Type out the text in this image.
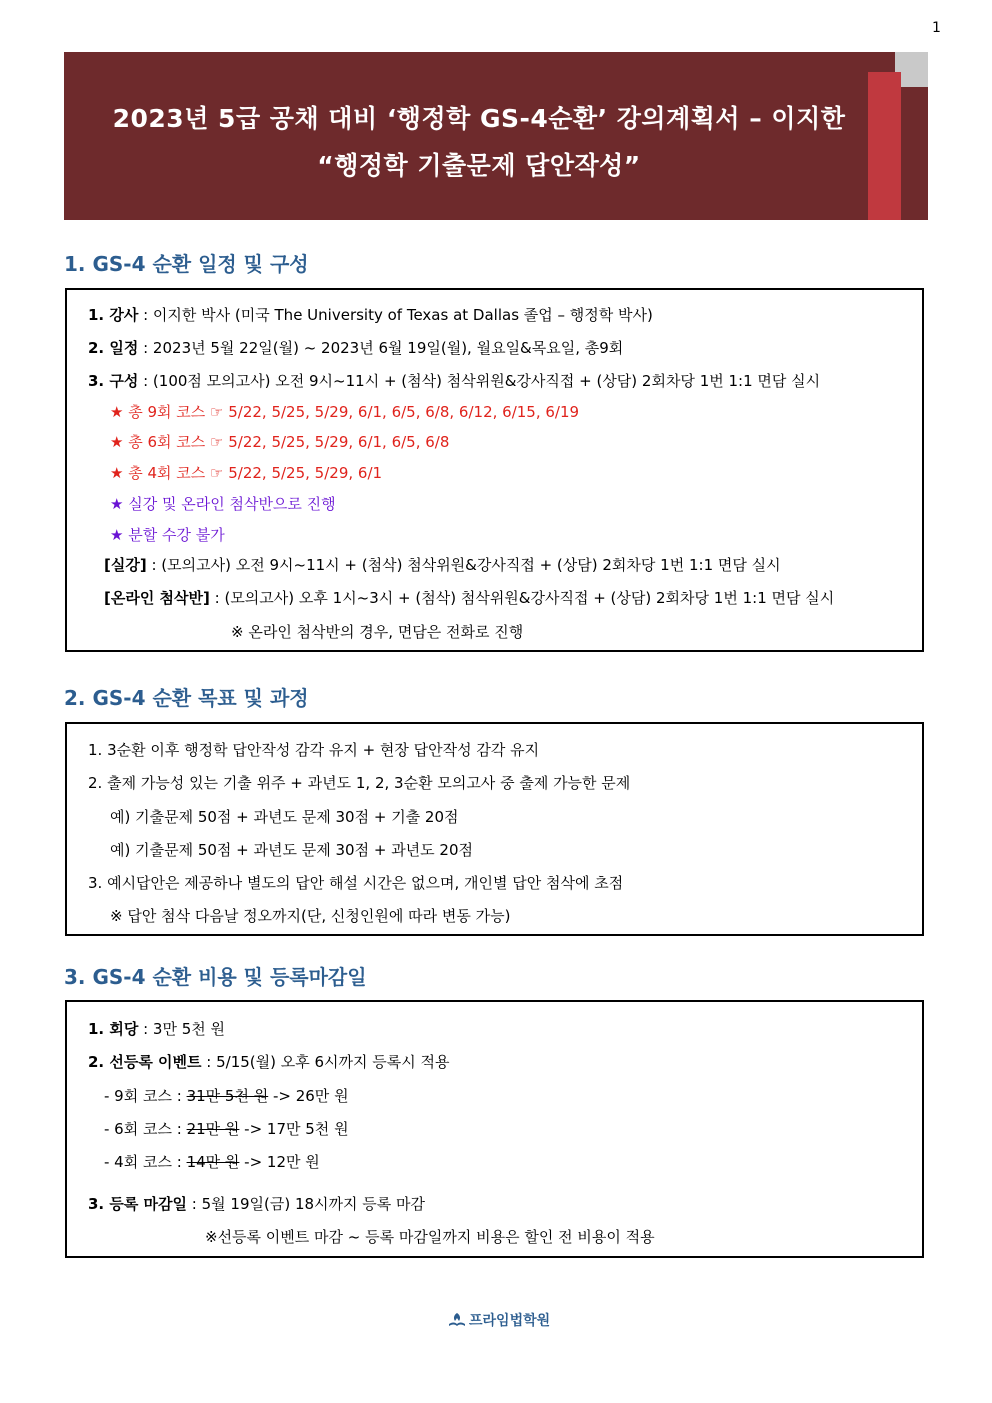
1
2023년 5급 공채 대비 ‘행정학 GS-4순환’ 강의계획서 – 이지한
“행정학 기출문제 답안작성”
1. GS-4 순환 일정 및 구성
1. 강사 : 이지한 박사 (미국 The University of Texas at Dallas 졸업 – 행정학 박사)
2. 일정 : 2023년 5월 22일(월) ~ 2023년 6월 19일(월), 월요일&목요일, 총9회
3. 구성 : (100점 모의고사) 오전 9시~11시 + (첨삭) 첨삭위원&강사직접 + (상담) 2회차당 1번 1:1 면담 실시
★ 총 9회 코스 ☞ 5/22, 5/25, 5/29, 6/1, 6/5, 6/8, 6/12, 6/15, 6/19
★ 총 6회 코스 ☞ 5/22, 5/25, 5/29, 6/1, 6/5, 6/8
★ 총 4회 코스 ☞ 5/22, 5/25, 5/29, 6/1
★ 실강 및 온라인 첨삭반으로 진행
★ 분할 수강 불가
[실강] : (모의고사) 오전 9시~11시 + (첨삭) 첨삭위원&강사직접 + (상담) 2회차당 1번 1:1 면담 실시
[온라인 첨삭반] : (모의고사) 오후 1시~3시 + (첨삭) 첨삭위원&강사직접 + (상담) 2회차당 1번 1:1 면담 실시
※ 온라인 첨삭반의 경우, 면담은 전화로 진행
2. GS-4 순환 목표 및 과정
1. 3순환 이후 행정학 답안작성 감각 유지 + 현장 답안작성 감각 유지
2. 출제 가능성 있는 기출 위주 + 과년도 1, 2, 3순환 모의고사 중 출제 가능한 문제
예) 기출문제 50점 + 과년도 문제 30점 + 기출 20점
예) 기출문제 50점 + 과년도 문제 30점 + 과년도 20점
3. 예시답안은 제공하나 별도의 답안 해설 시간은 없으며, 개인별 답안 첨삭에 초점
※ 답안 첨삭 다음날 정오까지(단, 신청인원에 따라 변동 가능)
3. GS-4 순환 비용 및 등록마감일
1. 회당 : 3만 5천 원
2. 선등록 이벤트 : 5/15(월) 오후 6시까지 등록시 적용
- 9회 코스 : 31만 5천 원 -> 26만 원
- 6회 코스 : 21만 원 -> 17만 5천 원
- 4회 코스 : 14만 원 -> 12만 원
3. 등록 마감일 : 5월 19일(금) 18시까지 등록 마감
※선등록 이벤트 마감 ~ 등록 마감일까지 비용은 할인 전 비용이 적용
프라임법학원
